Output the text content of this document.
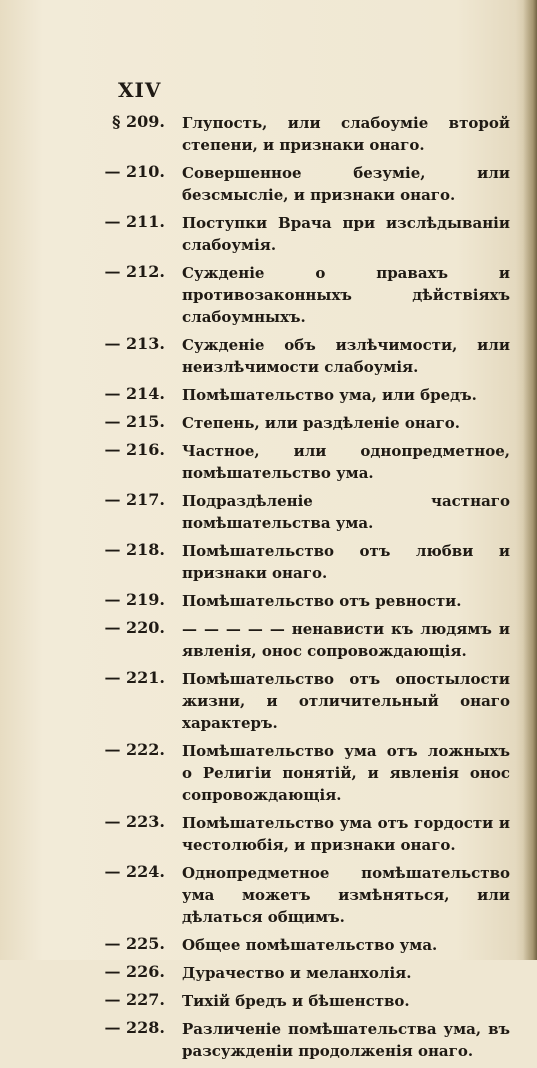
XIV
§ 209. Глупость, или слабоуміе второй степени, и признаки онаго.
— 210. Совершенное безуміе, или безсмысліе, и признаки онаго.
— 211. Поступки Врача при изслѣдываніи слабоумія.
— 212. Сужденіе о правахъ и противозаконныхъ дѣйствіяхъ слабоумныхъ.
— 213. Сужденіе объ излѣчимости, или неизлѣчимости слабоумія.
— 214. Помѣшательство ума, или бредъ.
— 215. Степень, или раздѣленіе онаго.
— 216. Частное, или однопредметное, помѣшательство ума.
— 217. Подраздѣленіе частнаго помѣшательства ума.
— 218. Помѣшательство отъ любви и признаки онаго.
— 219. Помѣшательство отъ ревности.
— 220. — — — — — ненависти къ людямъ и явленія, онос сопровождающія.
— 221. Помѣшательство отъ опостылости жизни, и отличительный онаго характеръ.
— 222. Помѣшательство ума отъ ложныхъ о Религіи понятій, и явленія онос сопровождающія.
— 223. Помѣшательство ума отъ гордости и честолюбія, и признаки онаго.
— 224. Однопредметное помѣшательство ума можетъ измѣняться, или дѣлаться общимъ.
— 225. Общее помѣшательство ума.
— 226. Дурачество и меланхолія.
— 227. Тихій бредъ и бѣшенство.
— 228. Различеніе помѣшательства ума, въ разсужденіи продолженія онаго.
